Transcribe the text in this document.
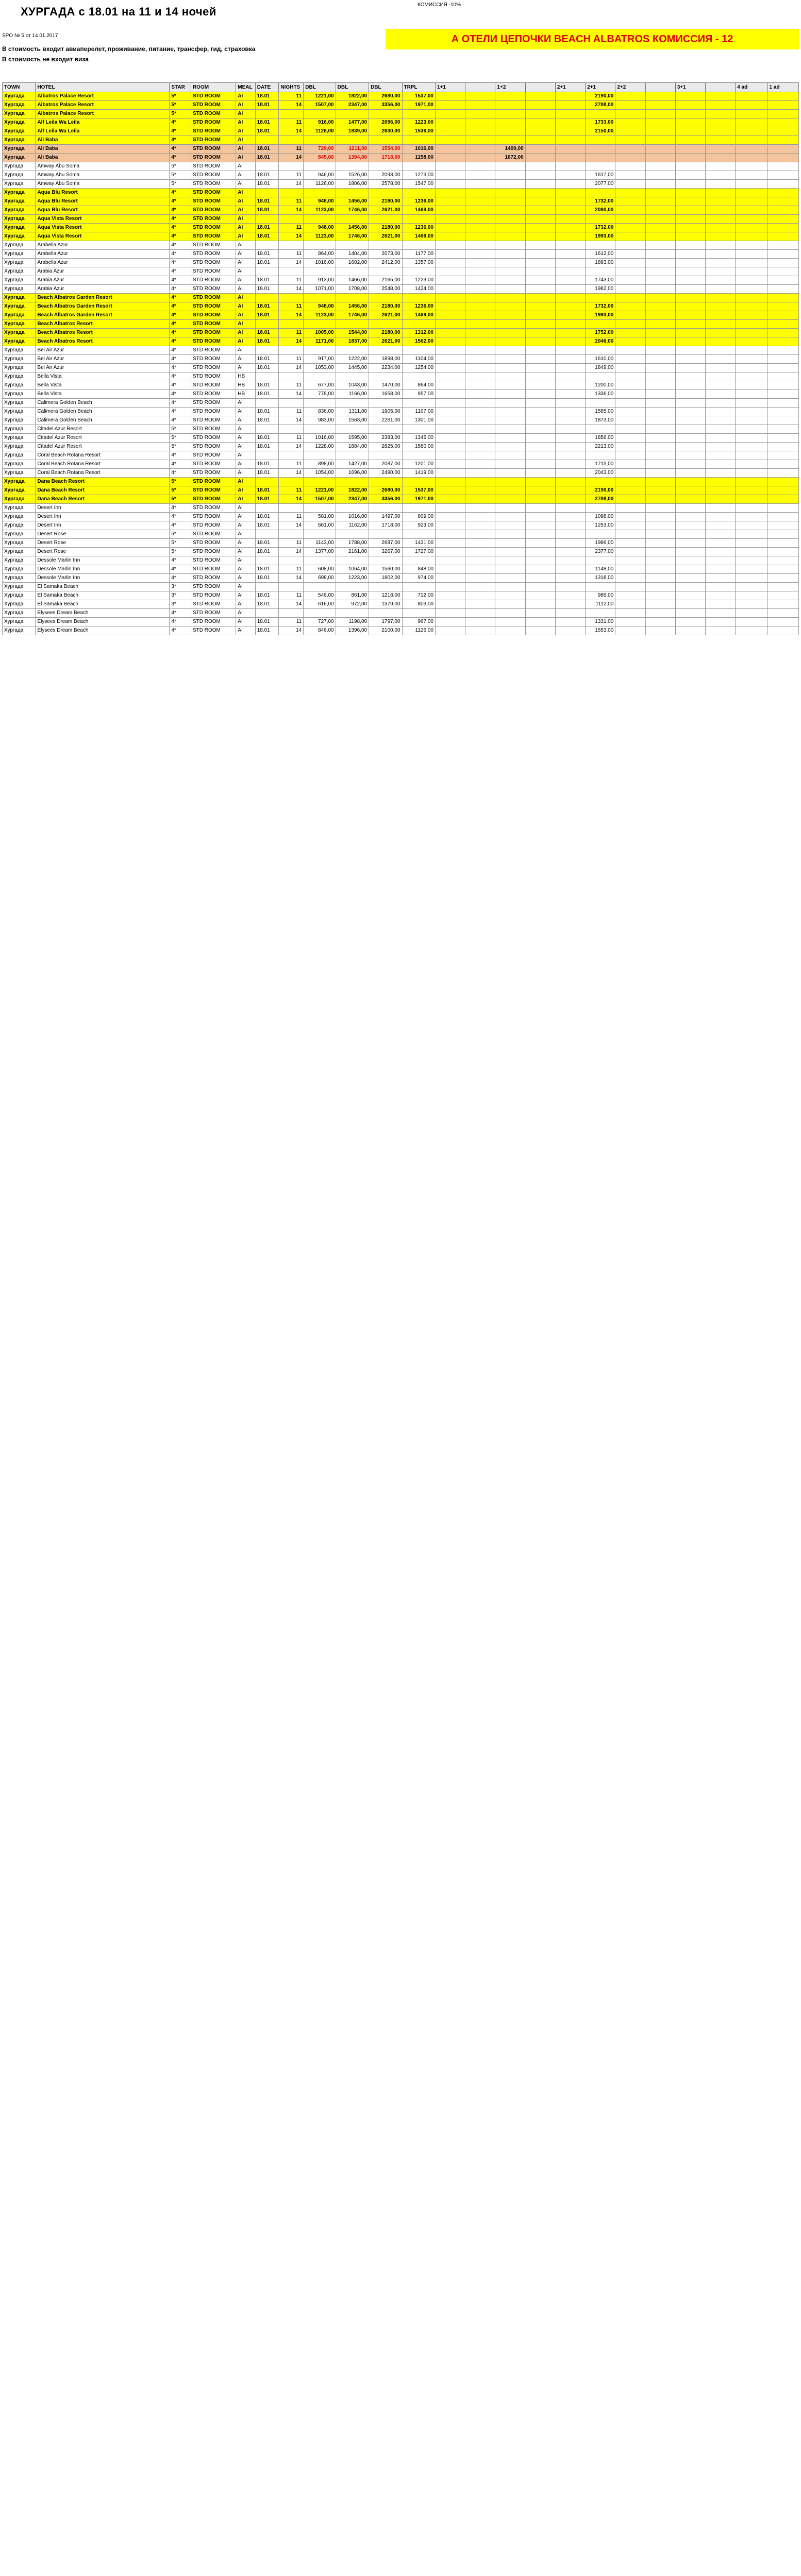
ХУРГАДА с 18.01 на 11 и 14 ночей
КОМИССИЯ -10%
SPO № 5 от 14.01.2017
В стоимость входит авиаперелет, проживание, питание, трансфер, гид, страховка
В стоимость не входит виза
А ОТЕЛИ ЦЕПОЧКИ BEACH ALBATROS КОМИССИЯ - 12
TOWN	HOTEL	STAR	ROOM	MEAL	DATE	NIGHTS	DBL	DBL	DBL	TRPL	1+1		1+2		2+1	2+1	2+2		3+1		4 ad	1 ad
Хургада	Albatros Palace Resort	5*	STD ROOM	AI	18.01	11	1221,00	1822,00	2680,00	1537,00						2190,00						
Хургада	Albatros Palace Resort	5*	STD ROOM	AI	18.01	14	1507,00	2347,00	3356,00	1971,00						2788,00						
Хургада	Albatros Palace Resort	5*	STD ROOM	AI																		
Хургада	Alf Leila Wa Leila	4*	STD ROOM	AI	18.01	11	916,00	1477,00	2096,00	1223,00						1733,00						
Хургада	Alf Leila Wa Leila	4*	STD ROOM	AI	18.01	14	1128,00	1839,00	2630,00	1536,00						2150,00						
Хургада	Ali Baba	4*	STD ROOM	AI																		
Хургада	Ali Baba	4*	STD ROOM	AI	18.01	11	729,00	1211,00	1554,00	1016,00			1409,00									
Хургада	Ali Baba	4*	STD ROOM	AI	18.01	14	845,00	1394,00	1718,00	1158,00			1672,00									
Хургада	Amway Abu Soma	5*	STD ROOM	AI																		
Хургада	Amway Abu Soma	5*	STD ROOM	AI	18.01	11	946,00	1526,00	2093,00	1273,00						1617,00						
Хургада	Amway Abu Soma	5*	STD ROOM	AI	18.01	14	1126,00	1806,00	2578,00	1547,00						2077,00						
Хургада	Aqua Blu Resort	4*	STD ROOM	AI																		
Хургада	Aqua Blu Resort	4*	STD ROOM	AI	18.01	11	948,00	1456,00	2180,00	1236,00						1732,00						
Хургада	Aqua Blu Resort	4*	STD ROOM	AI	18.01	14	1123,00	1746,00	2621,00	1469,00						2090,00						
Хургада	Aqua Vista Resort	4*	STD ROOM	AI																		
Хургада	Aqua Vista Resort	4*	STD ROOM	AI	18.01	11	948,00	1456,00	2180,00	1236,00						1732,00						
Хургада	Aqua Vista Resort	4*	STD ROOM	AI	18.01	14	1123,00	1746,00	2621,00	1469,00						1993,00						
Хургада	Arabella Azur	4*	STD ROOM	AI																		
Хургада	Arabella Azur	4*	STD ROOM	AI	18.01	11	864,00	1404,00	2073,00	1177,00						1612,00						
Хургада	Arabella Azur	4*	STD ROOM	AI	18.01	14	1016,00	1602,00	2412,00	1357,00						1893,00						
Хургада	Arabia Azur	4*	STD ROOM	AI																		
Хургада	Arabia Azur	4*	STD ROOM	AI	18.01	11	913,00	1466,00	2165,00	1223,00						1743,00						
Хургада	Arabia Azur	4*	STD ROOM	AI	18.01	14	1071,00	1708,00	2548,00	1424,00						1982,00						
Хургада	Beach Albatros Garden Resort	4*	STD ROOM	AI																		
Хургада	Beach Albatros Garden Resort	4*	STD ROOM	AI	18.01	11	948,00	1456,00	2180,00	1236,00						1732,00						
Хургада	Beach Albatros Garden Resort	4*	STD ROOM	AI	18.01	14	1123,00	1746,00	2621,00	1469,00						1993,00						
Хургада	Beach Albatros Resort	4*	STD ROOM	AI																		
Хургада	Beach Albatros Resort	4*	STD ROOM	AI	18.01	11	1005,00	1544,00	2180,00	1312,00						1752,00						
Хургада	Beach Albatros Resort	4*	STD ROOM	AI	18.01	14	1171,00	1837,00	2621,00	1562,00						2046,00						
Хургада	Bel Air Azur	4*	STD ROOM	AI																		
Хургада	Bel Air Azur	4*	STD ROOM	AI	18.01	11	917,00	1222,00	1898,00	1104,00						1610,00						
Хургада	Bel Air Azur	4*	STD ROOM	AI	18.01	14	1053,00	1445,00	2234,00	1254,00						1849,00						
Хургада	Bella Vista	4*	STD ROOM	HB																		
Хургада	Bella Vista	4*	STD ROOM	HB	18.01	11	677,00	1043,00	1470,00	864,00						1200,00						
Хургада	Bella Vista	4*	STD ROOM	HB	18.01	14	778,00	1166,00	1658,00	957,00						1336,00						
Хургада	Calimera Golden Beach	4*	STD ROOM	AI																		
Хургада	Calimera Golden Beach	4*	STD ROOM	AI	18.01	11	836,00	1311,00	1905,00	1107,00						1585,00						
Хургада	Calimera Golden Beach	4*	STD ROOM	AI	18.01	14	983,00	1563,00	2261,00	1301,00						1873,00						
Хургада	Citadel Azur Resort	5*	STD ROOM	AI																		
Хургада	Citadel Azur Resort	5*	STD ROOM	AI	18.01	11	1016,00	1595,00	2383,00	1345,00						1856,00						
Хургада	Citadel Azur Resort	5*	STD ROOM	AI	18.01	14	1228,00	1884,00	2825,00	1580,00						2213,00						
Хургада	Coral Beach Rotana Resort	4*	STD ROOM	AI																		
Хургада	Coral Beach Rotana Resort	4*	STD ROOM	AI	18.01	11	898,00	1427,00	2087,00	1201,00						1715,00						
Хургада	Coral Beach Rotana Resort	4*	STD ROOM	AI	18.01	14	1054,00	1696,00	2490,00	1419,00						2043,00						
Хургада	Dana Beach Resort	5*	STD ROOM	AI																		
Хургада	Dana Beach Resort	5*	STD ROOM	AI	18.01	11	1221,00	1822,00	2680,00	1537,00						2190,00						
Хургада	Dana Beach Resort	5*	STD ROOM	AI	18.01	14	1507,00	2347,00	3356,00	1971,00						2788,00						
Хургада	Desert Inn	4*	STD ROOM	AI																		
Хургада	Desert Inn	4*	STD ROOM	AI	18.01	11	581,00	1016,00	1497,00	809,00						1098,00						
Хургада	Desert Inn	4*	STD ROOM	AI	18.01	14	661,00	1162,00	1718,00	923,00						1253,00						
Хургада	Desert Rose	5*	STD ROOM	AI																		
Хургада	Desert Rose	5*	STD ROOM	AI	18.01	11	1143,00	1788,00	2687,00	1431,00						1986,00						
Хургада	Desert Rose	5*	STD ROOM	AI	18.01	14	1377,00	2161,00	3267,00	1727,00						2377,00						
Хургада	Dessole Marlin Inn	4*	STD ROOM	AI																		
Хургада	Dessole Marlin Inn	4*	STD ROOM	AI	18.01	11	608,00	1064,00	1560,00	848,00						1148,00						
Хургада	Dessole Marlin Inn	4*	STD ROOM	AI	18.01	14	698,00	1223,00	1802,00	974,00						1318,00						
Хургада	El Samaka Beach	3*	STD ROOM	AI																		
Хургада	El Samaka Beach	3*	STD ROOM	AI	18.01	11	546,00	861,00	1218,00	712,00						986,00						
Хургада	El Samaka Beach	3*	STD ROOM	AI	18.01	14	616,00	972,00	1379,00	803,00						1112,00						
Хургада	Elysees Dream Beach	4*	STD ROOM	AI																		
Хургада	Elysees Dream Beach	4*	STD ROOM	AI	18.01	11	727,00	1198,00	1797,00	967,00						1331,00						
Хургада	Elysees Dream Beach	4*	STD ROOM	AI	18.01	14	846,00	1396,00	2100,00	1126,00						1553,00						
